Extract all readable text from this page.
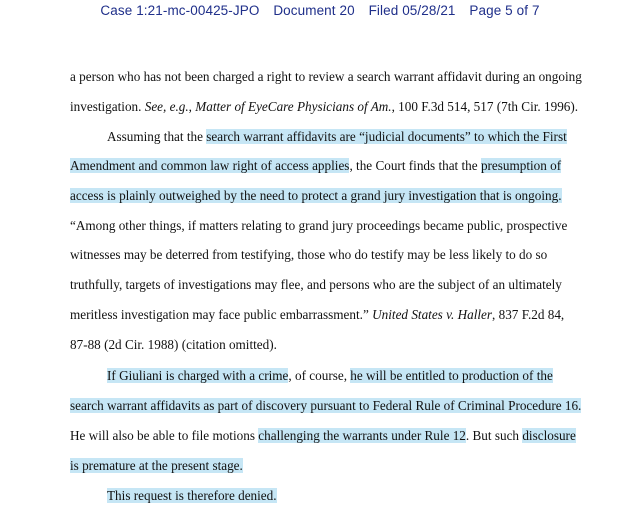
Case 1:21-mc-00425-JPO Document 20 Filed 05/28/21 Page 5 of 7
a person who has not been charged a right to review a search warrant affidavit during an ongoing
investigation. See, e.g., Matter of EyeCare Physicians of Am., 100 F.3d 514, 517 (7th Cir. 1996).
Assuming that the search warrant affidavits are “judicial documents” to which the First
Amendment and common law right of access applies, the Court finds that the presumption of
access is plainly outweighed by the need to protect a grand jury investigation that is ongoing.
“Among other things, if matters relating to grand jury proceedings became public, prospective
witnesses may be deterred from testifying, those who do testify may be less likely to do so
truthfully, targets of investigations may flee, and persons who are the subject of an ultimately
meritless investigation may face public embarrassment.” United States v. Haller, 837 F.2d 84,
87-88 (2d Cir. 1988) (citation omitted).
If Giuliani is charged with a crime, of course, he will be entitled to production of the
search warrant affidavits as part of discovery pursuant to Federal Rule of Criminal Procedure 16.
He will also be able to file motions challenging the warrants under Rule 12. But such disclosure
is premature at the present stage.
This request is therefore denied.
